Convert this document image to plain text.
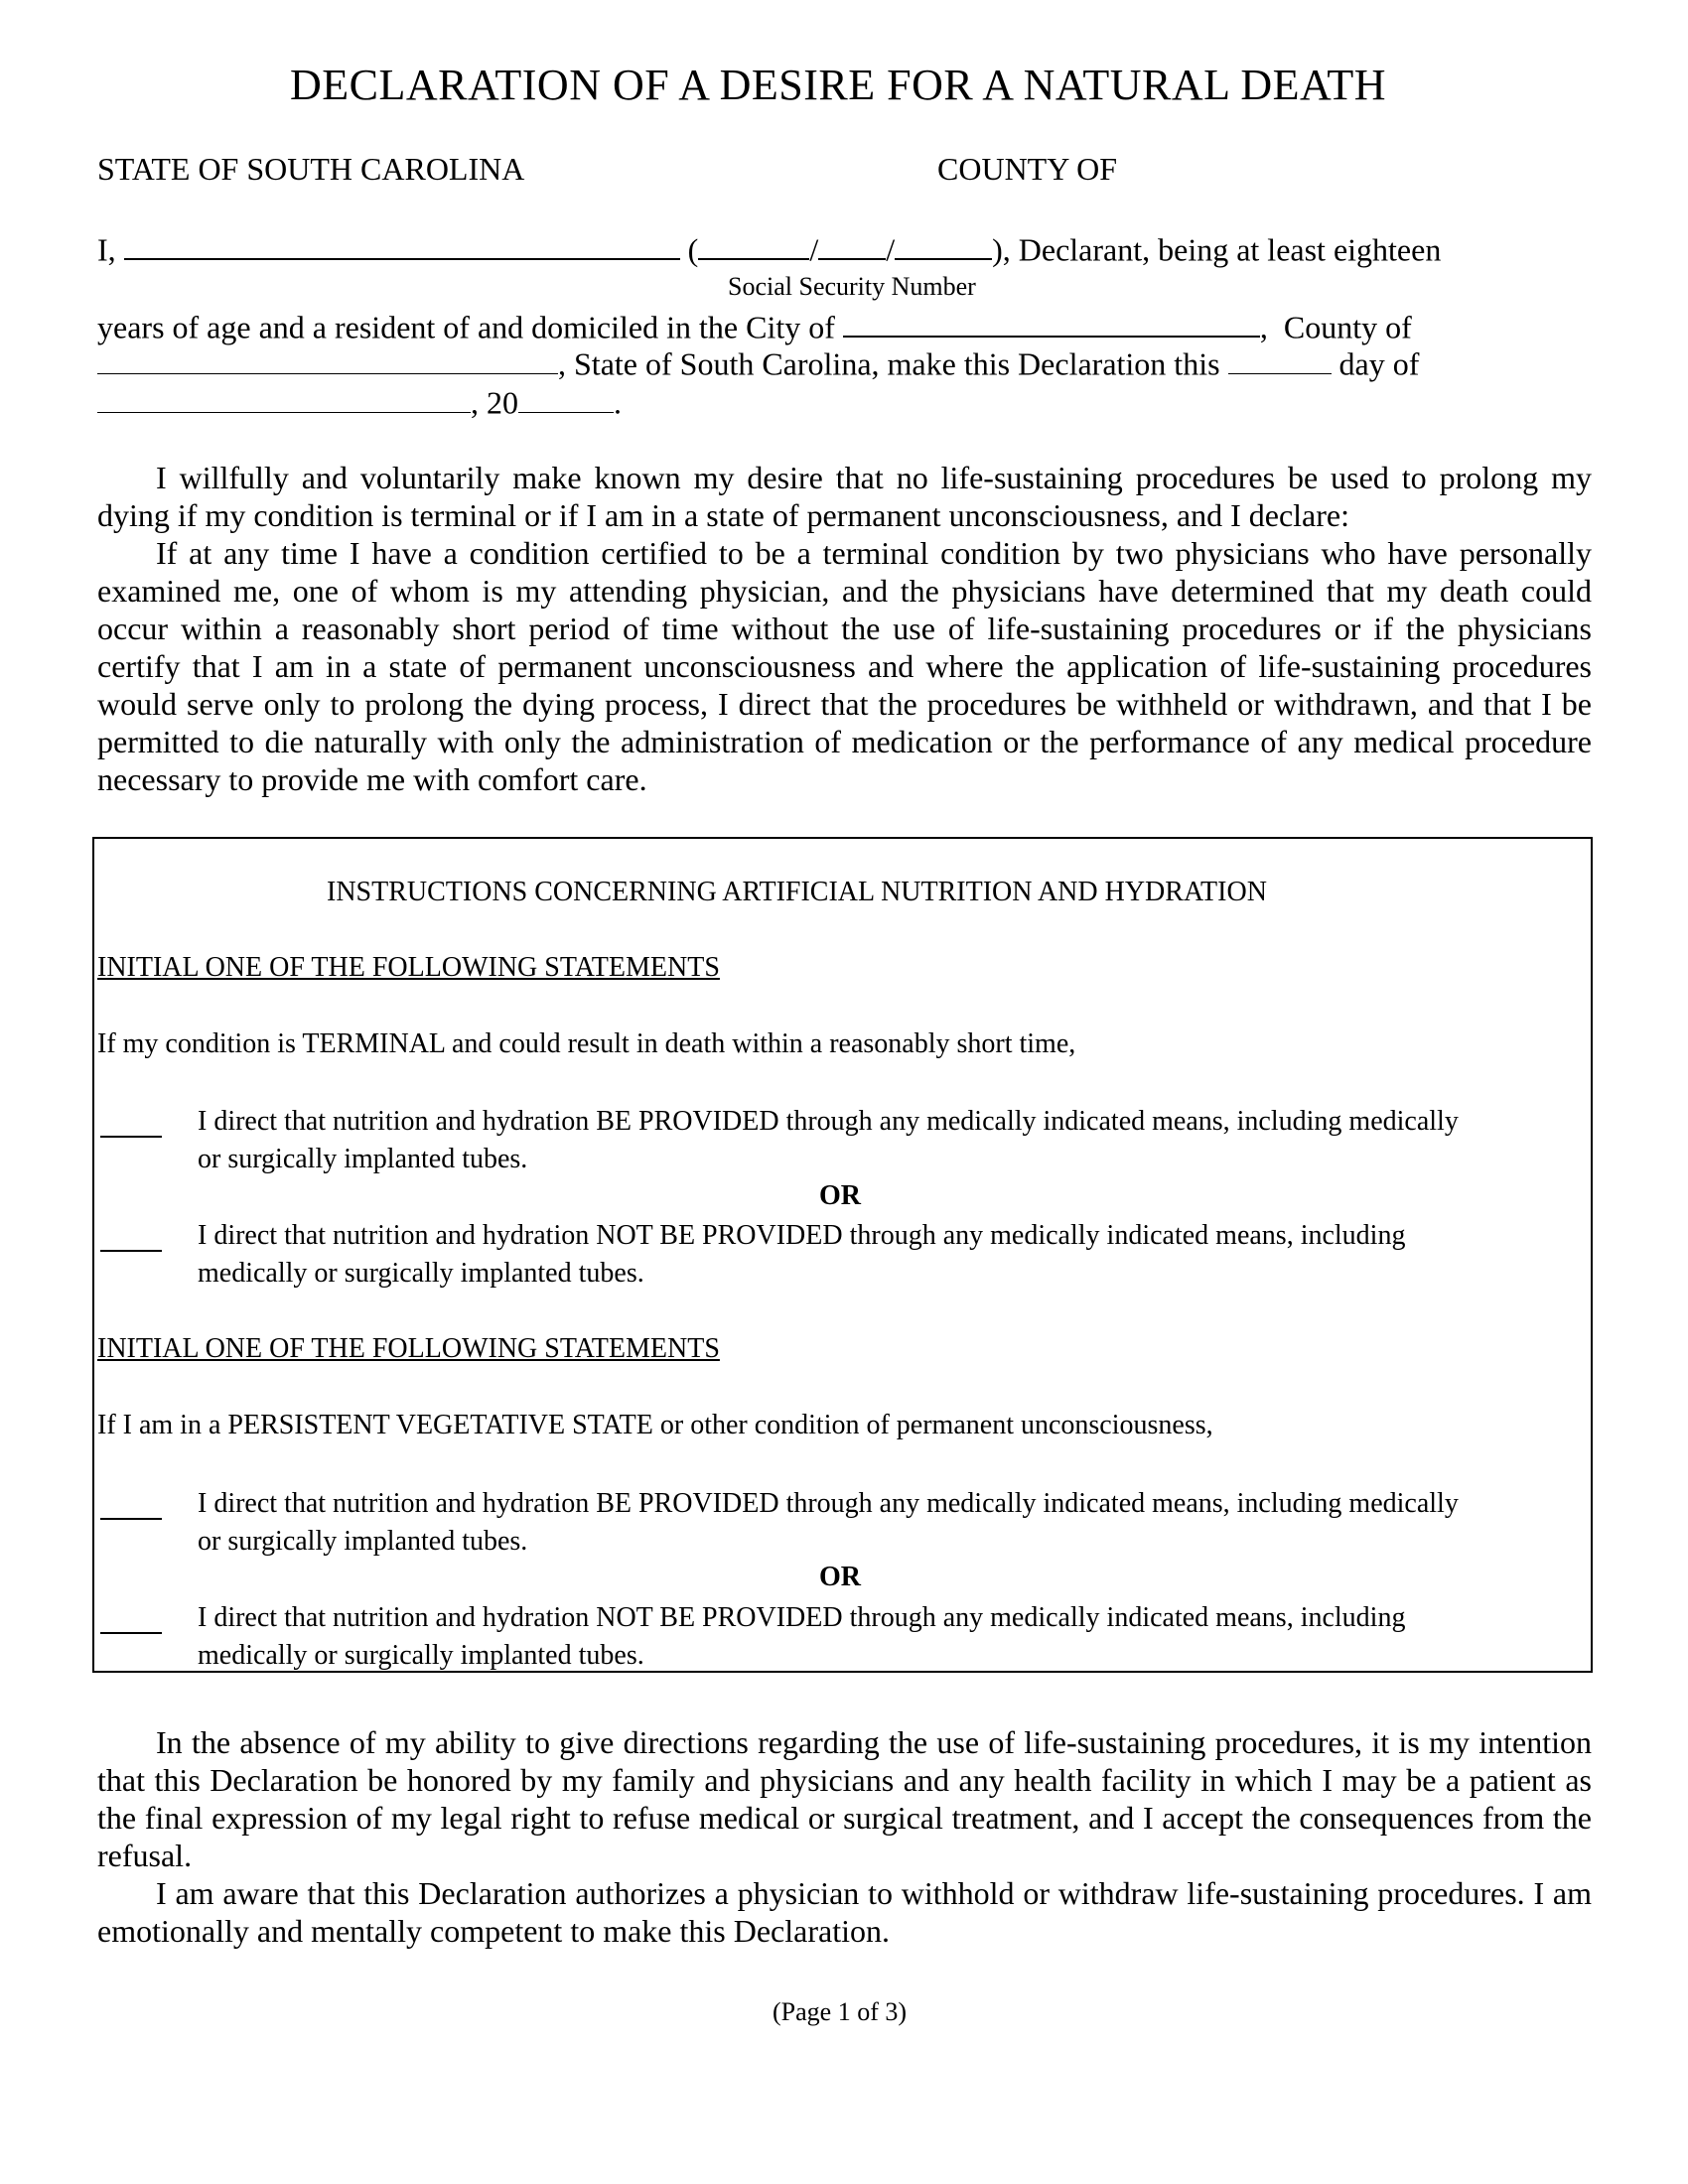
DECLARATION OF A DESIRE FOR A NATURAL DEATH
STATE OF SOUTH CAROLINA	COUNTY OF
I,	(	/ /	), Declarant, being at least eighteen
Social Security Number
years of age and a resident of and domiciled in the City of	,  County of
, State of South Carolina, make this Declaration this	day of
, 20	.
I willfully and voluntarily make known my desire that no life-sustaining procedures be used to prolong my dying if my condition is terminal or if I am in a state of permanent unconsciousness, and I declare:
If at any time I have a condition certified to be a terminal condition by two physicians who have personally examined me, one of whom is my attending physician, and the physicians have determined that my death could occur within a reasonably short period of time without the use of life-sustaining procedures or if the physicians certify that I am in a state of permanent unconsciousness and where the application of life-sustaining procedures would serve only to prolong the dying process, I direct that the procedures be withheld or withdrawn, and that I be permitted to die naturally with only the administration of medication or the performance of any medical procedure necessary to provide me with comfort care.
INSTRUCTIONS CONCERNING ARTIFICIAL NUTRITION AND HYDRATION
INITIAL ONE OF THE FOLLOWING STATEMENTS
If my condition is TERMINAL and could result in death within a reasonably short time,
I direct that nutrition and hydration BE PROVIDED through any medically indicated means, including medically or surgically implanted tubes.
OR
I direct that nutrition and hydration NOT BE PROVIDED through any medically indicated means, including medically or surgically implanted tubes.
INITIAL ONE OF THE FOLLOWING STATEMENTS
If I am in a PERSISTENT VEGETATIVE STATE or other condition of permanent unconsciousness,
I direct that nutrition and hydration BE PROVIDED through any medically indicated means, including medically or surgically implanted tubes.
OR
I direct that nutrition and hydration NOT BE PROVIDED through any medically indicated means, including medically or surgically implanted tubes.
In the absence of my ability to give directions regarding the use of life-sustaining procedures, it is my intention that this Declaration be honored by my family and physicians and any health facility in which I may be a patient as the final expression of my legal right to refuse medical or surgical treatment, and I accept the consequences from the refusal.
I am aware that this Declaration authorizes a physician to withhold or withdraw life-sustaining procedures. I am emotionally and mentally competent to make this Declaration.
(Page 1 of 3)
